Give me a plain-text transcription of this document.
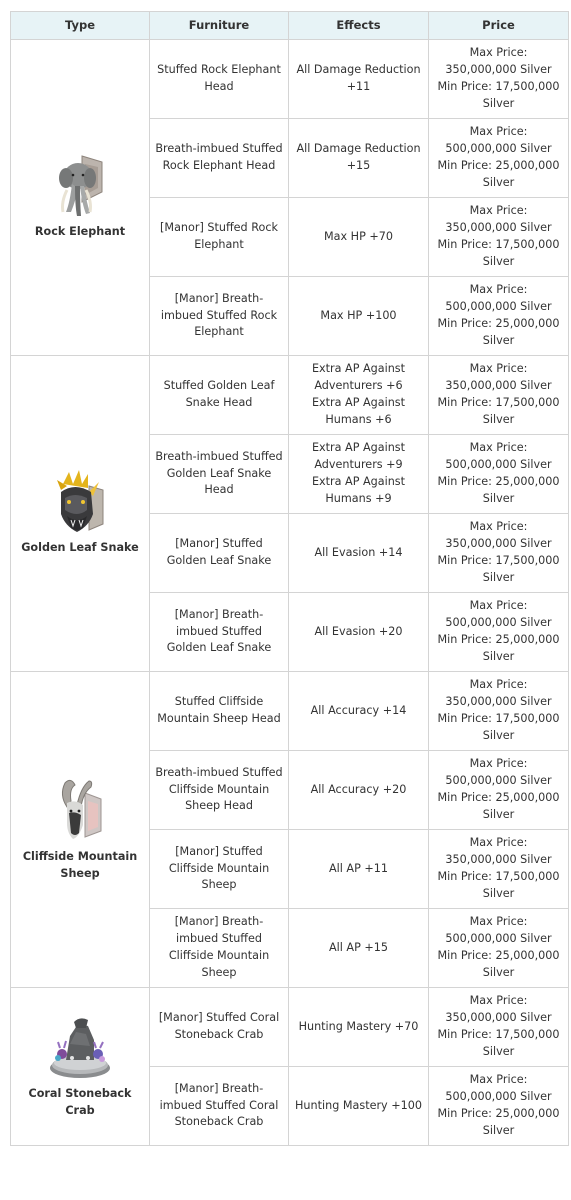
Type	Furniture	Effects	Price

Rock Elephant	Stuffed Rock Elephant Head	All Damage Reduction +11	Max Price: 350,000,000 Silver
Min Price: 17,500,000 Silver

	Breath-imbued Stuffed Rock Elephant Head	All Damage Reduction +15	Max Price: 500,000,000 Silver
Min Price: 25,000,000 Silver

	[Manor] Stuffed Rock Elephant	Max HP +70	Max Price: 350,000,000 Silver
Min Price: 17,500,000 Silver

	[Manor] Breath-imbued Stuffed Rock Elephant	Max HP +100	Max Price: 500,000,000 Silver
Min Price: 25,000,000 Silver

Golden Leaf Snake	Stuffed Golden Leaf Snake Head	Extra AP Against Adventurers +6
Extra AP Against Humans +6	Max Price: 350,000,000 Silver
Min Price: 17,500,000 Silver

	Breath-imbued Stuffed Golden Leaf Snake Head	Extra AP Against Adventurers +9
Extra AP Against Humans +9	Max Price: 500,000,000 Silver
Min Price: 25,000,000 Silver

	[Manor] Stuffed Golden Leaf Snake	All Evasion +14	Max Price: 350,000,000 Silver
Min Price: 17,500,000 Silver

	[Manor] Breath-imbued Stuffed Golden Leaf Snake	All Evasion +20	Max Price: 500,000,000 Silver
Min Price: 25,000,000 Silver

Cliffside Mountain Sheep	Stuffed Cliffside Mountain Sheep Head	All Accuracy +14	Max Price: 350,000,000 Silver
Min Price: 17,500,000 Silver

	Breath-imbued Stuffed Cliffside Mountain Sheep Head	All Accuracy +20	Max Price: 500,000,000 Silver
Min Price: 25,000,000 Silver

	[Manor] Stuffed Cliffside Mountain Sheep	All AP +11	Max Price: 350,000,000 Silver
Min Price: 17,500,000 Silver

	[Manor] Breath-imbued Stuffed Cliffside Mountain Sheep	All AP +15	Max Price: 500,000,000 Silver
Min Price: 25,000,000 Silver

Coral Stoneback Crab	[Manor] Stuffed Coral Stoneback Crab	Hunting Mastery +70	Max Price: 350,000,000 Silver
Min Price: 17,500,000 Silver

	[Manor] Breath-imbued Stuffed Coral Stoneback Crab	Hunting Mastery +100	Max Price: 500,000,000 Silver
Min Price: 25,000,000 Silver
